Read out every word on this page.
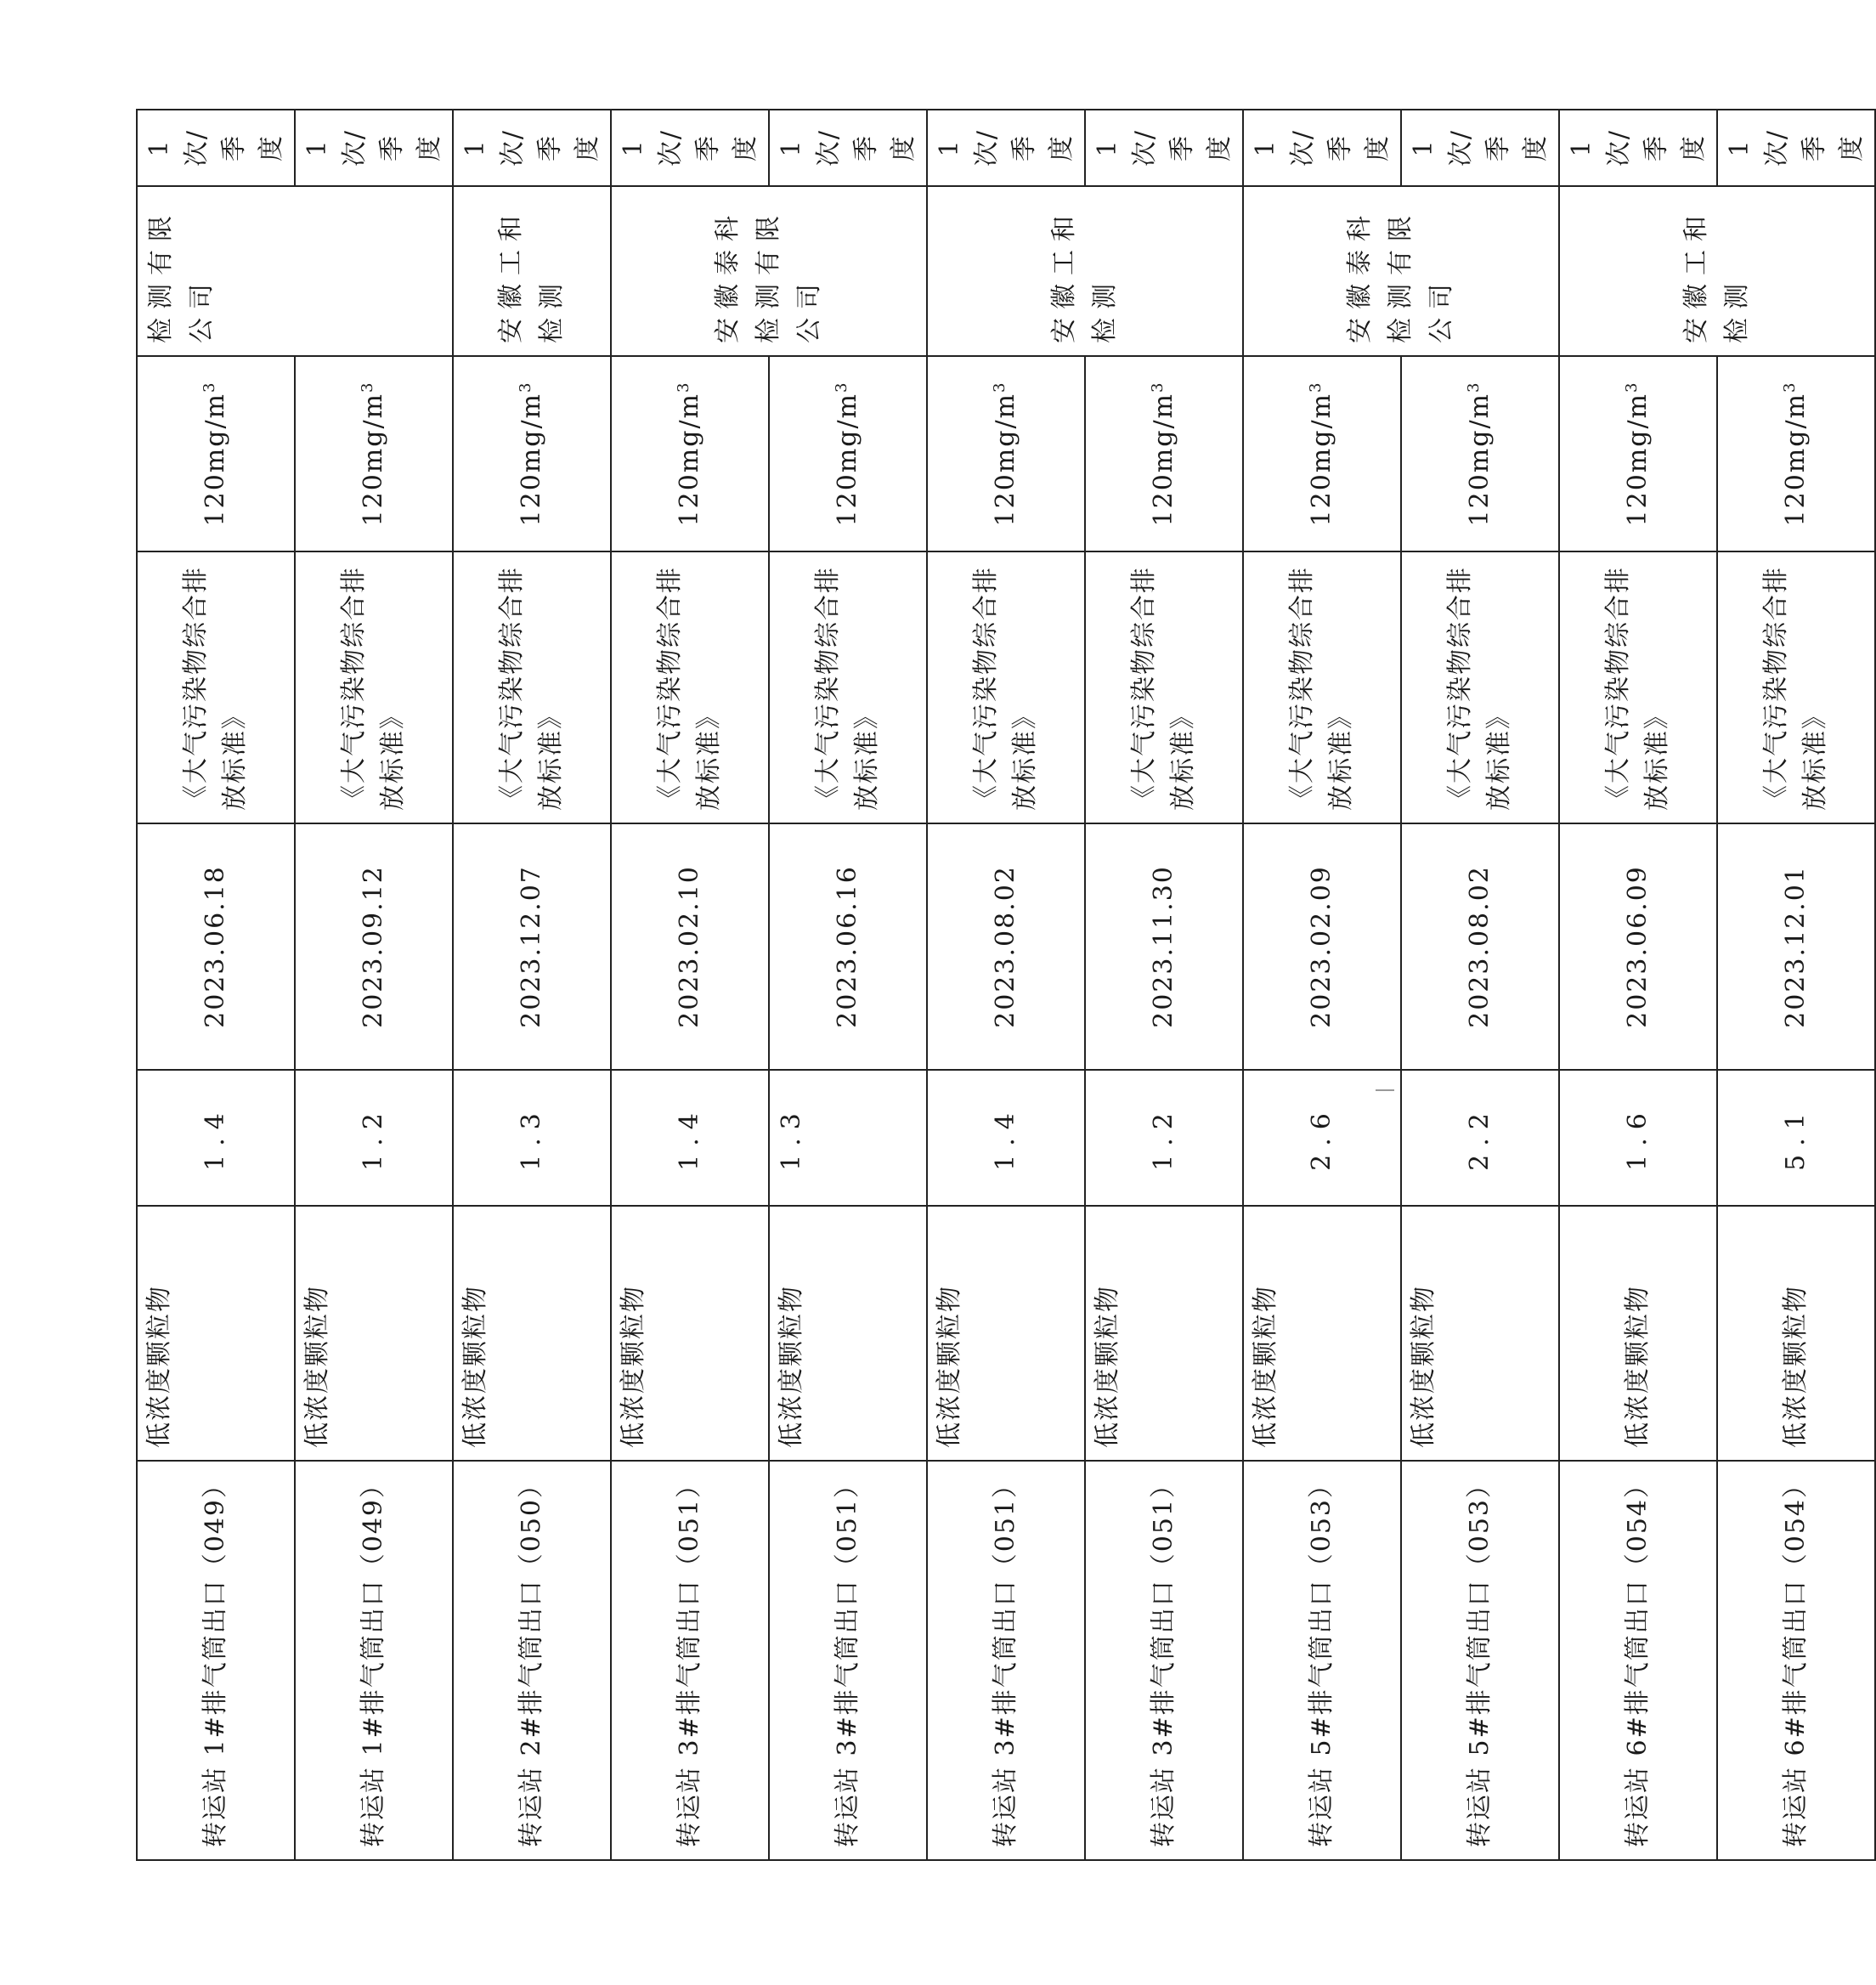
转运站 1#排气筒出口（049）	低浓度颗粒物	1.4	2023.06.18	《大气污染物综合排放标准》	$120mg/m^3$	检测有限公司	1 次/季度
转运站 1#排气筒出口（049）	低浓度颗粒物	1.2	2023.09.12	《大气污染物综合排放标准》	$120mg/m^3$		1 次/季度
转运站 2#排气筒出口（050）	低浓度颗粒物	1.3	2023.12.07	《大气污染物综合排放标准》	$120mg/m^3$	安徽工和检测	1 次/季度
转运站 3#排气筒出口（051）	低浓度颗粒物	1.4	2023.02.10	《大气污染物综合排放标准》	$120mg/m^3$	安徽泰科检测有限公司	1 次/季度
转运站 3#排气筒出口（051）	低浓度颗粒物	1.3	2023.06.16	《大气污染物综合排放标准》	$120mg/m^3$		1 次/季度
转运站 3#排气筒出口（051）	低浓度颗粒物	1.4	2023.08.02	《大气污染物综合排放标准》	$120mg/m^3$	安徽工和检测	1 次/季度
转运站 3#排气筒出口（051）	低浓度颗粒物	1.2	2023.11.30	《大气污染物综合排放标准》	$120mg/m^3$		1 次/季度
转运站 5#排气筒出口（053）	低浓度颗粒物	2.6	2023.02.09	《大气污染物综合排放标准》	$120mg/m^3$	安徽泰科检测有限公司	1 次/季度
转运站 5#排气筒出口（053）	低浓度颗粒物	2.2	2023.08.02	《大气污染物综合排放标准》	$120mg/m^3$		1 次/季度
转运站 6#排气筒出口（054）	低浓度颗粒物	1.6	2023.06.09	《大气污染物综合排放标准》	$120mg/m^3$	安徽工和检测	1 次/季度
转运站 6#排气筒出口（054）	低浓度颗粒物	5.1	2023.12.01	《大气污染物综合排放标准》	$120mg/m^3$		1 次/季度
